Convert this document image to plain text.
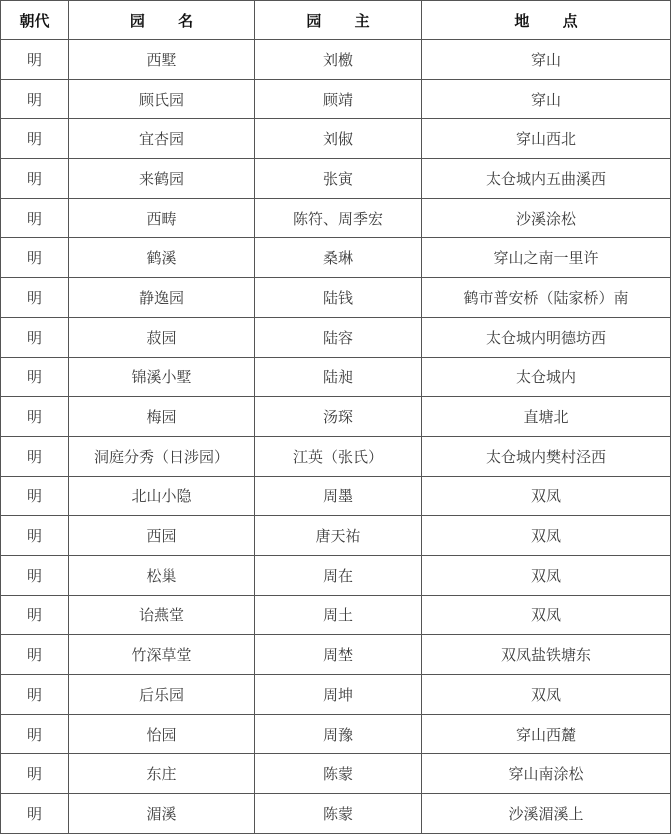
朝代	园 名	园 主	地 点
明	西墅	刘檄	穿山
明	顾氏园	顾靖	穿山
明	宜杏园	刘俶	穿山西北
明	来鹤园	张寅	太仓城内五曲溪西
明	西畴	陈符、周季宏	沙溪涂松
明	鹤溪	桑琳	穿山之南一里许
明	静逸园	陆钱	鹤市普安桥（陆家桥）南
明	菽园	陆容	太仓城内明德坊西
明	锦溪小墅	陆昶	太仓城内
明	梅园	汤琛	直塘北
明	洞庭分秀（日涉园）	江英（张氏）	太仓城内樊村泾西
明	北山小隐	周墨	双凤
明	西园	唐天祐	双凤
明	松巢	周在	双凤
明	诒燕堂	周土	双凤
明	竹深草堂	周埜	双凤盐铁塘东
明	后乐园	周坤	双凤
明	怡园	周豫	穿山西麓
明	东庄	陈蒙	穿山南涂松
明	湄溪	陈蒙	沙溪湄溪上
